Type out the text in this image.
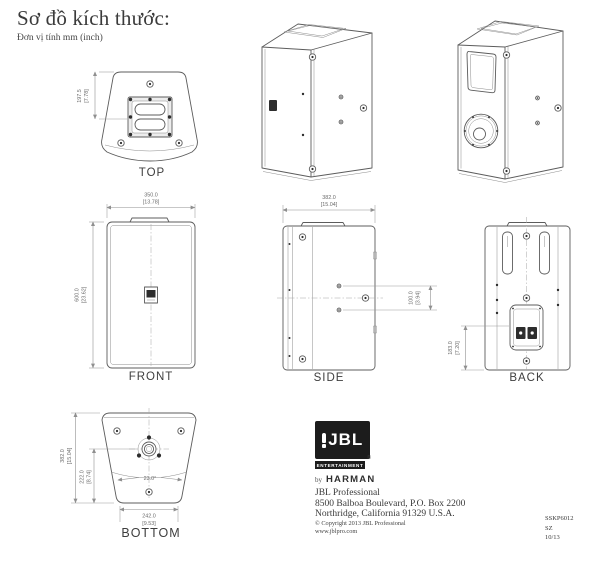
Sơ đồ kích thước:
Đơn vị tính mm (inch)
197.5 [7.78]
TOP
350.0
[13.78]
600.0 [23.62]
FRONT
382.0
[15.04]
100.0 [3.94]
SIDE
183.0 [7.20]
BACK
382.0 [15.04]
222.0 [8.74]
242.0
[9.53]
23.0°
BOTTOM
JBL
ENTERTAINMENT
®
by HARMAN
JBL Professional
8500 Balboa Boulevard, P.O. Box 2200
Northridge, California 91329 U.S.A.
© Copyright 2013 JBL Professional
www.jblpro.com
SSKP6012
SZ
10/13
